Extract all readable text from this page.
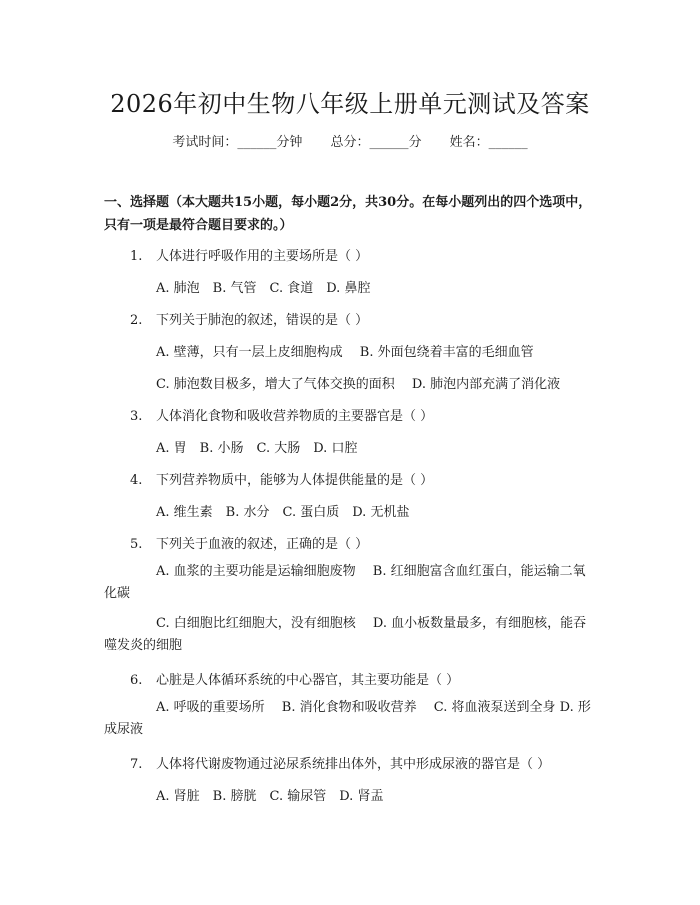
2026年初中生物八年级上册单元测试及答案
考试时间：______分钟 总分：______分 姓名：______
一、选择题（本大题共15小题，每小题2分，共30分。在每小题列出的四个选项中，只有一项是最符合题目要求的。）
1. 人体进行呼吸作用的主要场所是（ ）
A. 肺泡　B. 气管　C. 食道　D. 鼻腔
2. 下列关于肺泡的叙述，错误的是（ ）
A. 壁薄，只有一层上皮细胞构成　 B. 外面包绕着丰富的毛细血管
C. 肺泡数目极多，增大了气体交换的面积　 D. 肺泡内部充满了消化液
3. 人体消化食物和吸收营养物质的主要器官是（ ）
A. 胃　B. 小肠　C. 大肠　D. 口腔
4. 下列营养物质中，能够为人体提供能量的是（ ）
A. 维生素　B. 水分　C. 蛋白质　D. 无机盐
5. 下列关于血液的叙述，正确的是（ ）
A. 血浆的主要功能是运输细胞废物　 B. 红细胞富含血红蛋白，能运输二氧化碳
C. 白细胞比红细胞大，没有细胞核　 D. 血小板数量最多，有细胞核，能吞噬发炎的细胞
6. 心脏是人体循环系统的中心器官，其主要功能是（ ）
A. 呼吸的重要场所　 B. 消化食物和吸收营养　 C. 将血液泵送到全身 D. 形成尿液
7. 人体将代谢废物通过泌尿系统排出体外，其中形成尿液的器官是（ ）
A. 肾脏　B. 膀胱　C. 输尿管　D. 肾盂
